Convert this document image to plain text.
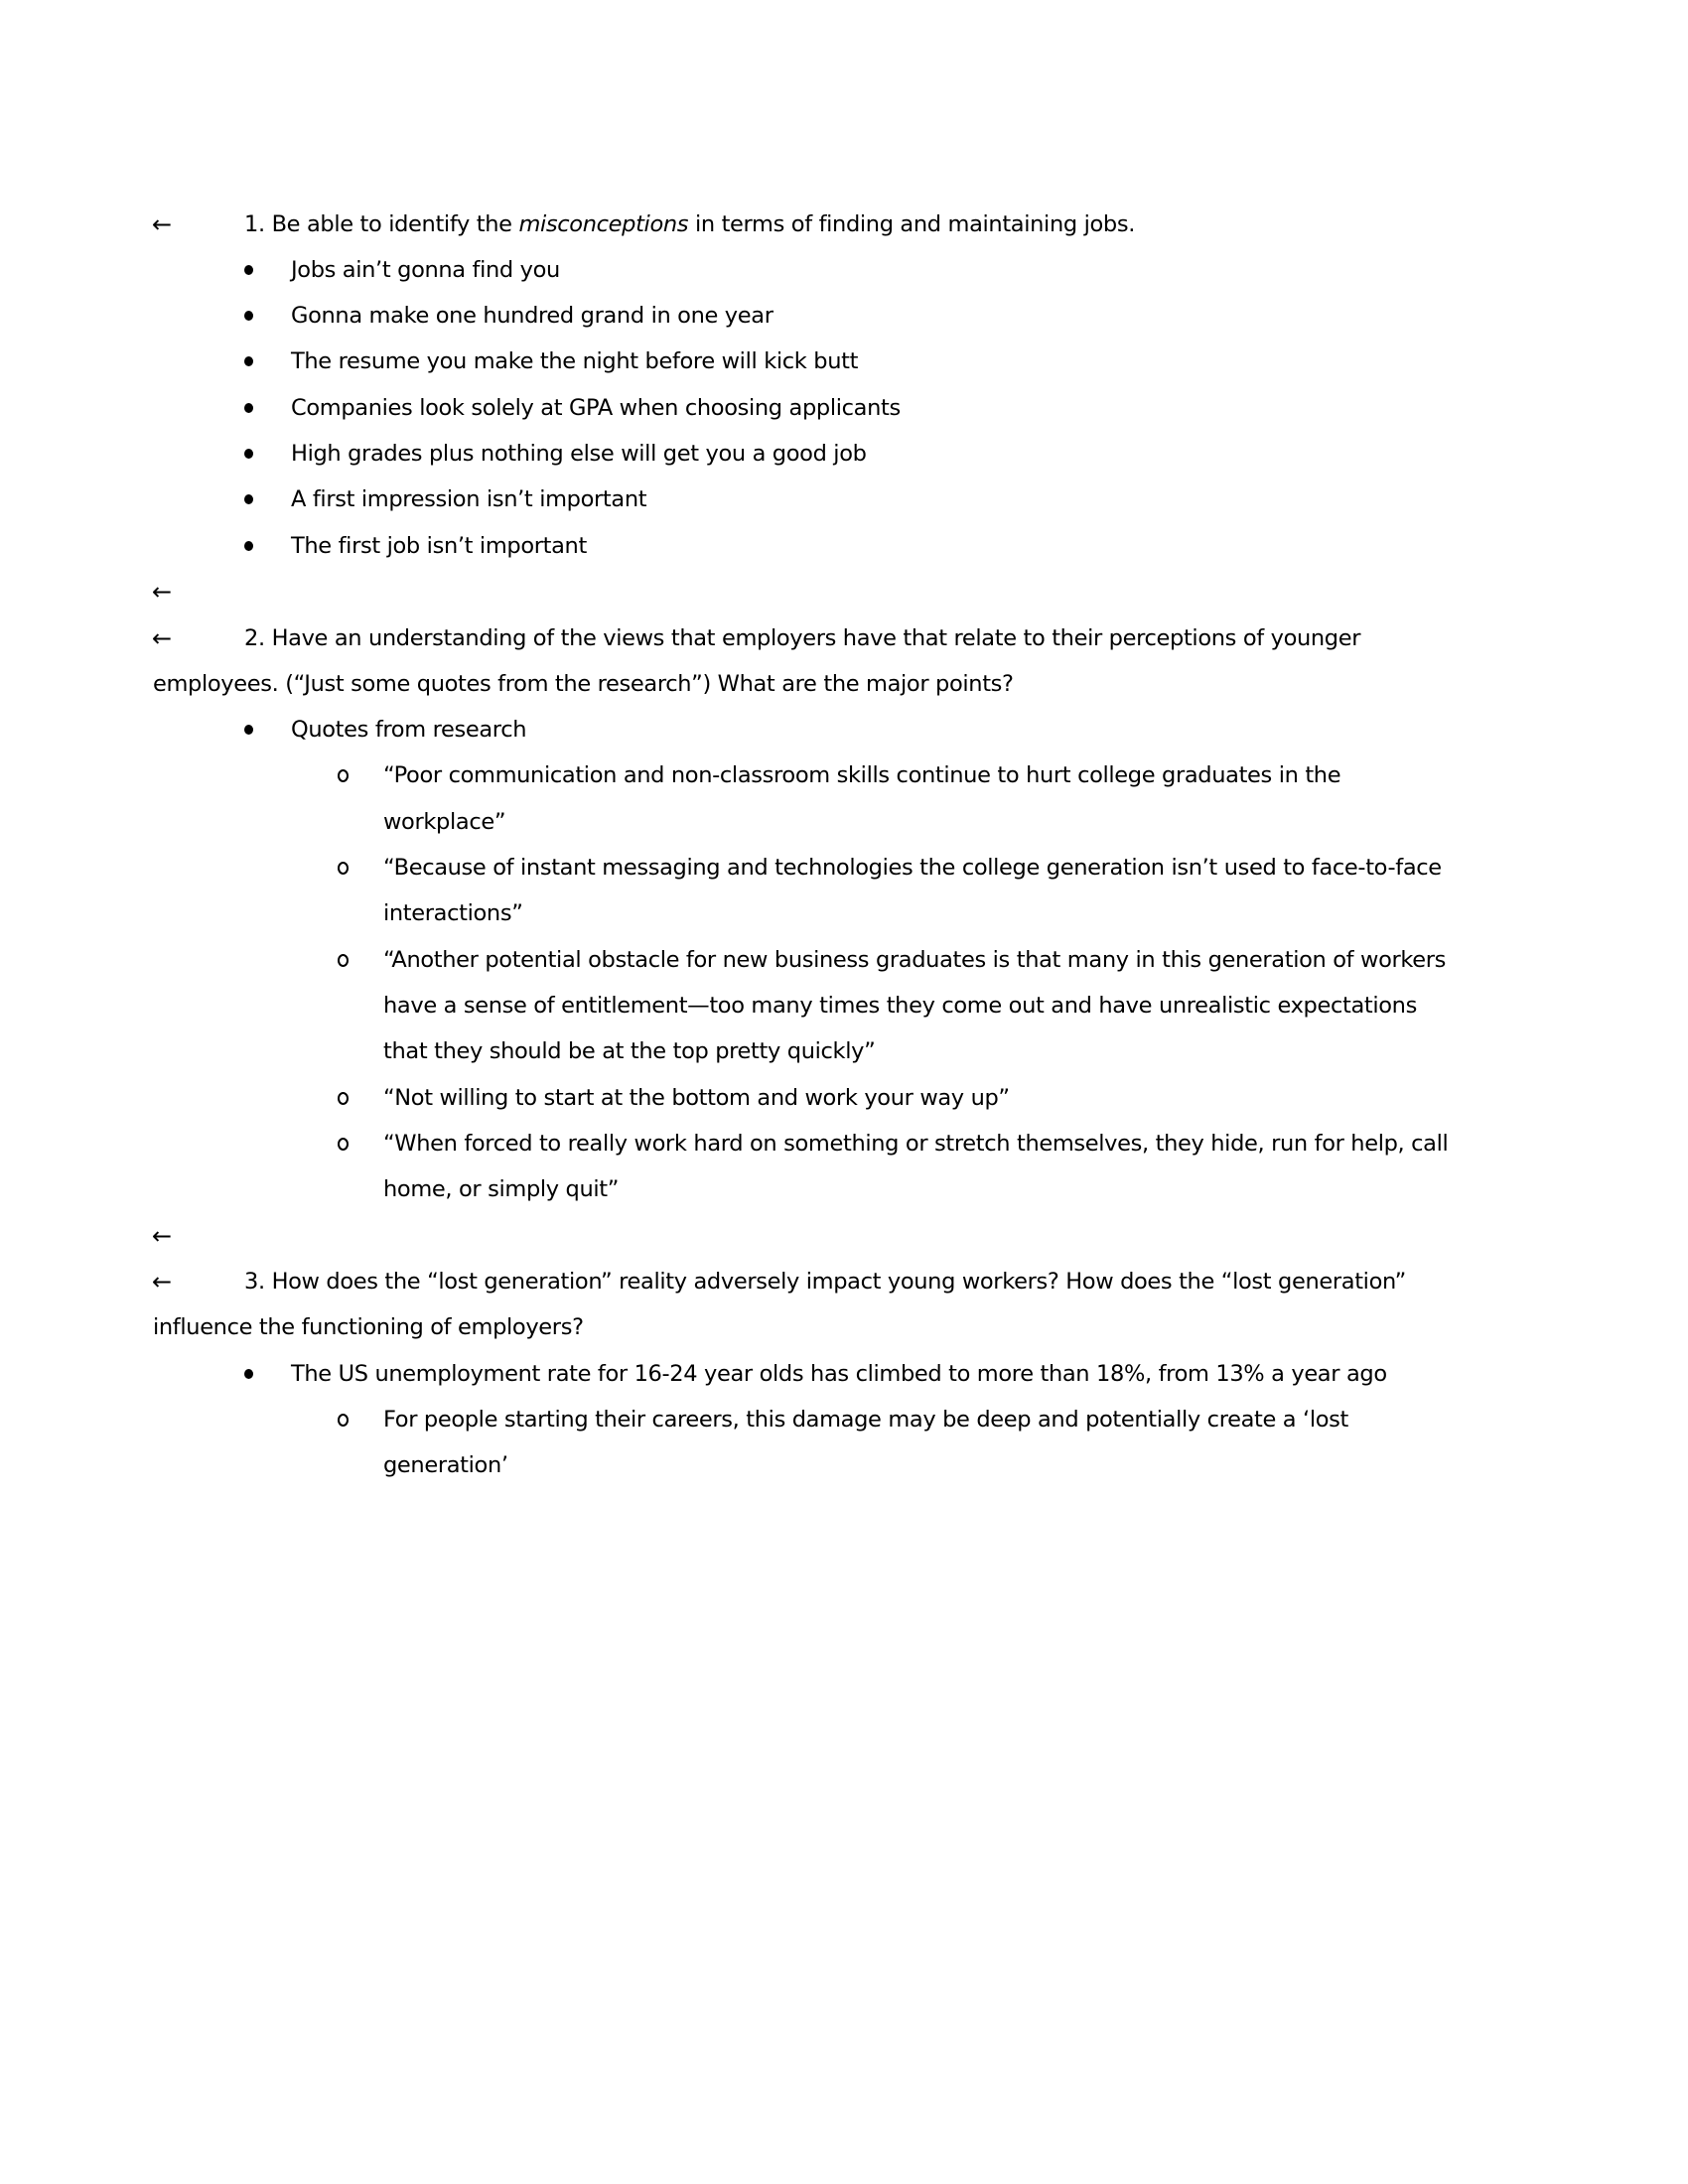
←	1. Be able to identify the misconceptions in terms of finding and maintaining jobs.
Jobs ain’t gonna find you
Gonna make one hundred grand in one year
The resume you make the night before will kick butt
Companies look solely at GPA when choosing applicants
High grades plus nothing else will get you a good job
A first impression isn’t important
The first job isn’t important
←
←	2. Have an understanding of the views that employers have that relate to their perceptions of younger
employees. (“Just some quotes from the research”) What are the major points?
Quotes from research
“Poor communication and non-classroom skills continue to hurt college graduates in the
workplace”
“Because of instant messaging and technologies the college generation isn’t used to face-to-face
interactions”
“Another potential obstacle for new business graduates is that many in this generation of workers
have a sense of entitlement—too many times they come out and have unrealistic expectations
that they should be at the top pretty quickly”
“Not willing to start at the bottom and work your way up”
“When forced to really work hard on something or stretch themselves, they hide, run for help, call
home, or simply quit”
←
←	3. How does the “lost generation” reality adversely impact young workers? How does the “lost generation”
influence the functioning of employers?
The US unemployment rate for 16-24 year olds has climbed to more than 18%, from 13% a year ago
For people starting their careers, this damage may be deep and potentially create a ‘lost
generation’
